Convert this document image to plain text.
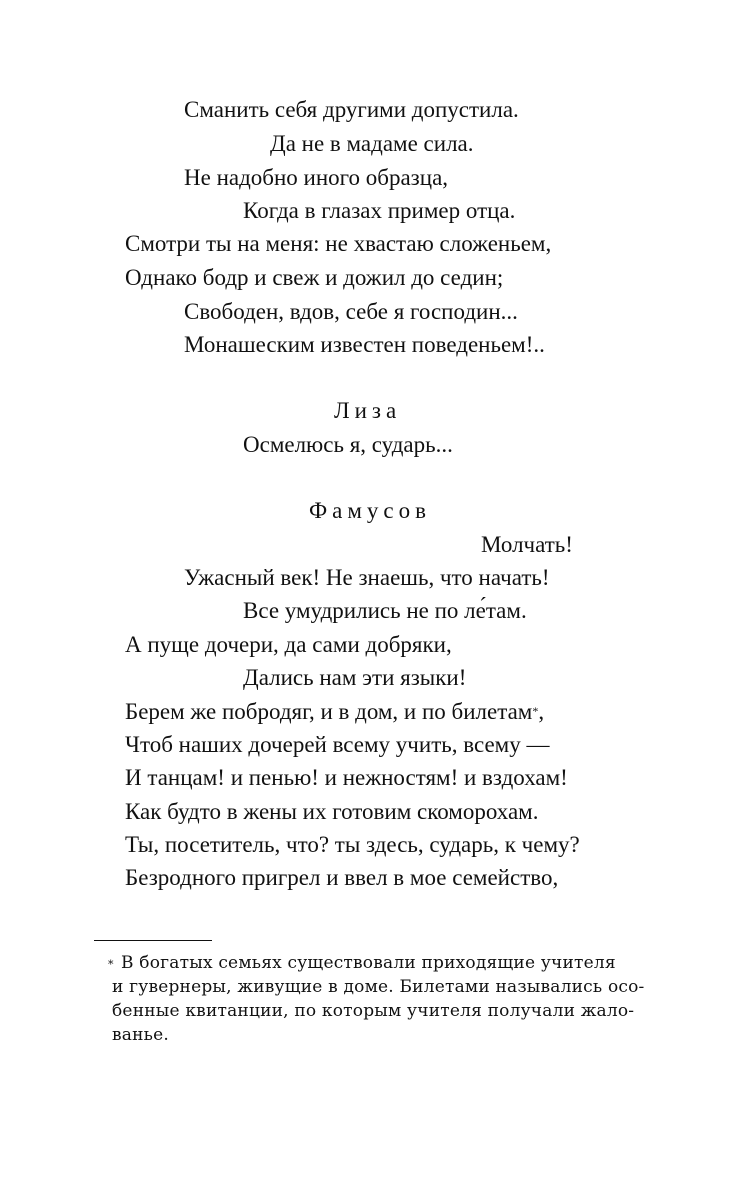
Сманить себя другими допустила.
Да не в мадаме сила.
Не надобно иного образца,
Когда в глазах пример отца.
Смотри ты на меня: не хвастаю сложеньем,
Однако бодр и свеж и дожил до седин;
Свободен, вдов, себе я господин...
Монашеским известен поведеньем!..
Лиза
Осмелюсь я, сударь...
Фамусов
Молчать!
Ужасный век! Не знаешь, что начать!
Все умудрились не по ле́там.
А пуще дочери, да сами добряки,
Дались нам эти языки!
Берем же побродяг, и в дом, и по билетам*,
Чтоб наших дочерей всему учить, всему —
И танцам! и пенью! и нежностям! и вздохам!
Как будто в жены их готовим скоморохам.
Ты, посетитель, что? ты здесь, сударь, к чему?
Безродного пригрел и ввел в мое семейство,
* В богатых семьях существовали приходящие учителя
и гувернеры, живущие в доме. Билетами назывались осо-
бенные квитанции, по которым учителя получали жало-
ванье.
